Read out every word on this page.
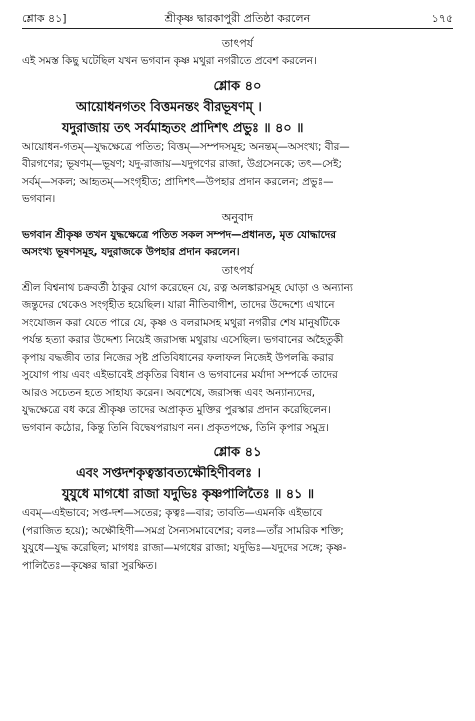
শ্লোক ৪১]	শ্রীকৃষ্ণ দ্বারকাপুরী প্রতিষ্ঠা করলেন	১৭৫

তাৎপর্য

এই সমস্ত কিছু ঘটেছিল যখন ভগবান কৃষ্ণ মথুরা নগরীতে প্রবেশ করলেন।

শ্লোক ৪০

আয়োধনগতং বিত্তমনন্তং বীরভূষণম্ ।

যদুরাজায় তৎ সর্বমাহৃতং প্রাদিশৎ প্রভুঃ ॥ ৪০ ॥

আয়োধন-গতম্—যুদ্ধক্ষেত্রে পতিত; বিত্তম্—সম্পদসমূহ; অনন্তম্—অসংখ্য; বীর—

বীরগণের; ভূষণম্—ভূষণ; যদু-রাজায়—যদুগণের রাজা, উগ্রসেনকে; তৎ—সেই;

সর্বম্—সকল; আহৃতম্—সংগৃহীত; প্রাদিশৎ—উপহার প্রদান করলেন; প্রভুঃ—

ভগবান।

অনুবাদ

ভগবান শ্রীকৃষ্ণ তখন যুদ্ধক্ষেত্রে পতিত সকল সম্পদ—প্রধানত, মৃত যোদ্ধাদের

অসংখ্য ভূষণসমূহ, যদুরাজকে উপহার প্রদান করলেন।

তাৎপর্য

শ্রীল বিশ্বনাথ চক্রবর্তী ঠাকুর যোগ করেছেন যে, রত্ন অলঙ্কারসমূহ ঘোড়া ও অন্যান্য

জন্তুদের থেকেও সংগৃহীত হয়েছিল। যারা নীতিবাগীশ, তাদের উদ্দেশ্যে এখানে

সংযোজন করা যেতে পারে যে, কৃষ্ণ ও বলরামসহ মথুরা নগরীর শেষ মানুষটিকে

পর্যন্ত হত্যা করার উদ্দেশ্য নিয়েই জরাসন্ধ মথুরায় এসেছিল। ভগবানের অহৈতুকী

কৃপায় বদ্ধজীব তার নিজের সৃষ্ট প্রতিবিধানের ফলাফল নিজেই উপলব্ধি করার

সুযোগ পায় এবং এইভাবেই প্রকৃতির বিধান ও ভগবানের মর্যাদা সম্পর্কে তাদের

আরও সচেতন হতে সাহায্য করেন। অবশেষে, জরাসন্ধ এবং অন্যান্যদের,

যুদ্ধক্ষেত্রে বধ করে শ্রীকৃষ্ণ তাদের অপ্রাকৃত মুক্তির পুরস্কার প্রদান করেছিলেন।

ভগবান কঠোর, কিন্তু তিনি বিদ্বেষপরায়ণ নন। প্রকৃতপক্ষে, তিনি কৃপার সমুদ্র।

শ্লোক ৪১

এবং সপ্তদশকৃত্বস্তাবত্যক্ষৌহিণীবলঃ ।

যুযুধে মাগধো রাজা যদুভিঃ কৃষ্ণপালিতৈঃ ॥ ৪১ ॥

এবম্—এইভাবে; সপ্ত-দশ—সতের; কৃত্বঃ—বার; তাবতি—এমনকি এইভাবে

(পরাজিত হয়ে); অক্ষৌহিণী—সমগ্র সৈন্যসমাবেশের; বলঃ—তাঁর সামরিক শক্তি;

যুযুধে—যুদ্ধ করেছিল; মাগধঃ রাজা—মগধের রাজা; যদুভিঃ—যদুদের সঙ্গে; কৃষ্ণ-

পালিতৈঃ—কৃষ্ণের দ্বারা সুরক্ষিত।
